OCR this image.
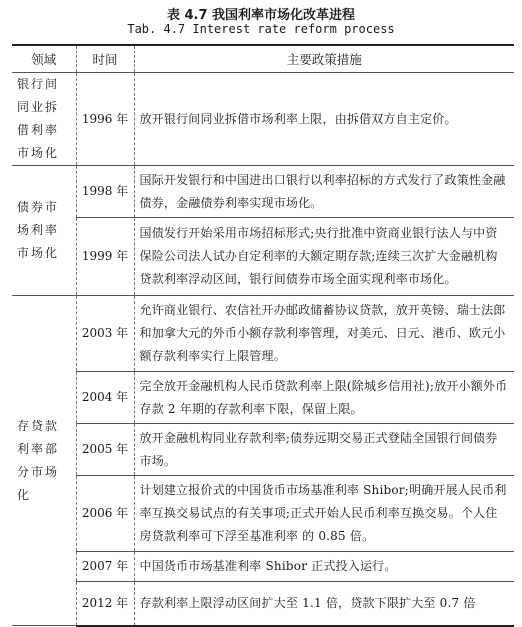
表 4.7 我国利率市场化改革进程
Tab. 4.7 Interest rate reform process
领域	时间	主要政策措施
银行间同业拆借利率市场化	1996 年	放开银行间同业拆借市场利率上限，由拆借双方自主定价。
债券市场利率市场化	1998 年	国际开发银行和中国进出口银行以利率招标的方式发行了政策性金融债券，金融债券利率实现市场化。
	1999 年	国债发行开始采用市场招标形式;央行批准中资商业银行法人与中资保险公司法人试办自定利率的大额定期存款;连续三次扩大金融机构贷款利率浮动区间，银行间债券市场全面实现利率市场化。
存贷款利率部分市场化	2003 年	允许商业银行、农信社开办邮政储蓄协议贷款，放开英镑、瑞士法郎和加拿大元的外币小额存款利率管理，对美元、日元、港币、欧元小额存款利率实行上限管理。
	2004 年	完全放开金融机构人民币贷款利率上限(除城乡信用社);放开小额外币存款 2 年期的存款利率下限，保留上限。
	2005 年	放开金融机构同业存款利率;债券远期交易正式登陆全国银行间债券市场。
	2006 年	计划建立报价式的中国货币市场基准利率 Shibor;明确开展人民币利率互换交易试点的有关事项;正式开始人民币利率互换交易。个人住房贷款利率可下浮至基准利率 的 0.85 倍。
	2007 年	中国货币市场基准利率 Shibor 正式投入运行。
	2012 年	存款利率上限浮动区间扩大至 1.1 倍，贷款下限扩大至 0.7 倍
